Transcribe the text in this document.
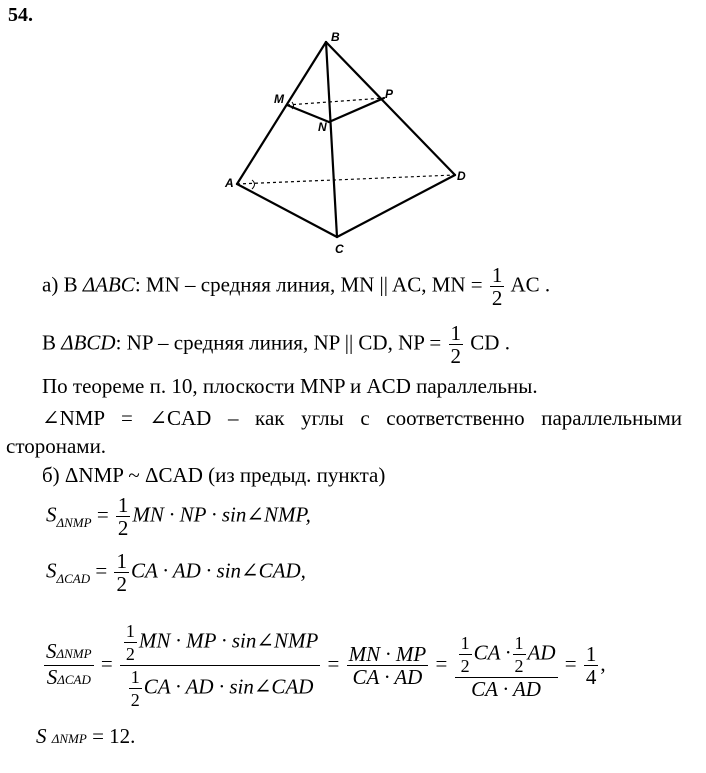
54.
B
M	P
N
A	D
C
а) В ΔABC: MN – средняя линия, MN || AC, MN = $\frac{1}{2}$ AC .
В ΔBCD: NP – средняя линия, NP || CD, NP = $\frac{1}{2}$ CD .
По теореме п. 10, плоскости MNP и ACD параллельны.
∠NMP = ∠CAD – как углы с соответственно параллельными
сторонами.
б) ΔNMP ~ ΔCAD (из предыд. пункта)
$S_{\Delta NMP} = \frac{1}{2}$ MN · NP · sin∠NMP,
$S_{\Delta CAD} = \frac{1}{2}$ CA · AD · sin∠CAD,
$\frac{\text{SΔNMP}}{\text{SΔCAD}} = \frac{\frac{1}{2} MN \cdot MP \cdot \sin\angle NMP}{\frac{1}{2} CA \cdot AD \cdot \sin\angle CAD} = \frac{MN \cdot MP}{CA \cdot AD} = \frac{\frac{1}{2} CA \cdot \frac{1}{2} AD}{CA \cdot AD} = \frac{1}{4}$ ,
S ΔNMP = 12.
